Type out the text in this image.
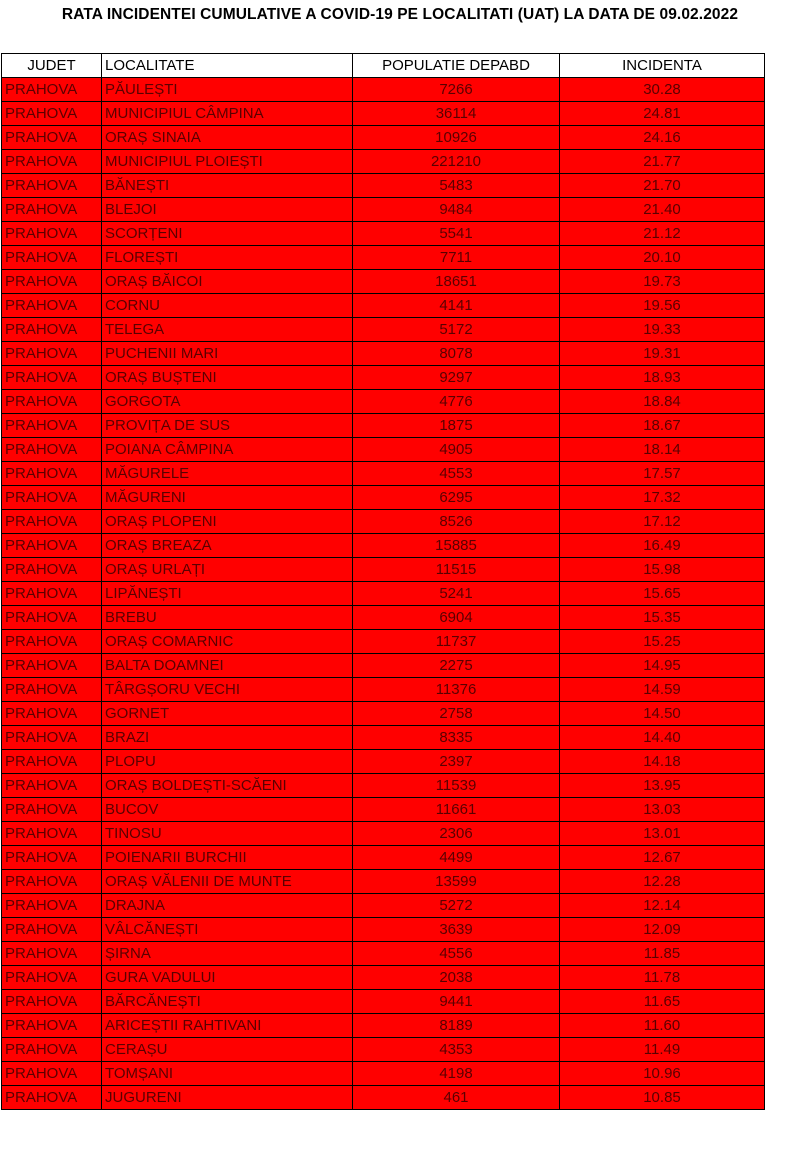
RATA INCIDENTEI CUMULATIVE A COVID-19 PE LOCALITATI (UAT) LA DATA DE 09.02.2022
JUDET	LOCALITATE	POPULATIE DEPABD	INCIDENTA
PRAHOVA	PĂULEȘTI	7266	30.28
PRAHOVA	MUNICIPIUL CÂMPINA	36114	24.81
PRAHOVA	ORAȘ SINAIA	10926	24.16
PRAHOVA	MUNICIPIUL PLOIEȘTI	221210	21.77
PRAHOVA	BĂNEȘTI	5483	21.70
PRAHOVA	BLEJOI	9484	21.40
PRAHOVA	SCORȚENI	5541	21.12
PRAHOVA	FLOREȘTI	7711	20.10
PRAHOVA	ORAȘ BĂICOI	18651	19.73
PRAHOVA	CORNU	4141	19.56
PRAHOVA	TELEGA	5172	19.33
PRAHOVA	PUCHENII MARI	8078	19.31
PRAHOVA	ORAȘ BUȘTENI	9297	18.93
PRAHOVA	GORGOTA	4776	18.84
PRAHOVA	PROVIȚA DE SUS	1875	18.67
PRAHOVA	POIANA CÂMPINA	4905	18.14
PRAHOVA	MĂGURELE	4553	17.57
PRAHOVA	MĂGURENI	6295	17.32
PRAHOVA	ORAȘ PLOPENI	8526	17.12
PRAHOVA	ORAȘ BREAZA	15885	16.49
PRAHOVA	ORAȘ URLAȚI	11515	15.98
PRAHOVA	LIPĂNEȘTI	5241	15.65
PRAHOVA	BREBU	6904	15.35
PRAHOVA	ORAȘ COMARNIC	11737	15.25
PRAHOVA	BALTA DOAMNEI	2275	14.95
PRAHOVA	TÂRGȘORU VECHI	11376	14.59
PRAHOVA	GORNET	2758	14.50
PRAHOVA	BRAZI	8335	14.40
PRAHOVA	PLOPU	2397	14.18
PRAHOVA	ORAȘ BOLDEȘTI-SCĂENI	11539	13.95
PRAHOVA	BUCOV	11661	13.03
PRAHOVA	TINOSU	2306	13.01
PRAHOVA	POIENARII BURCHII	4499	12.67
PRAHOVA	ORAȘ VĂLENII DE MUNTE	13599	12.28
PRAHOVA	DRAJNA	5272	12.14
PRAHOVA	VÂLCĂNEȘTI	3639	12.09
PRAHOVA	ȘIRNA	4556	11.85
PRAHOVA	GURA VADULUI	2038	11.78
PRAHOVA	BĂRCĂNEȘTI	9441	11.65
PRAHOVA	ARICEȘTII RAHTIVANI	8189	11.60
PRAHOVA	CERAȘU	4353	11.49
PRAHOVA	TOMȘANI	4198	10.96
PRAHOVA	JUGURENI	461	10.85
